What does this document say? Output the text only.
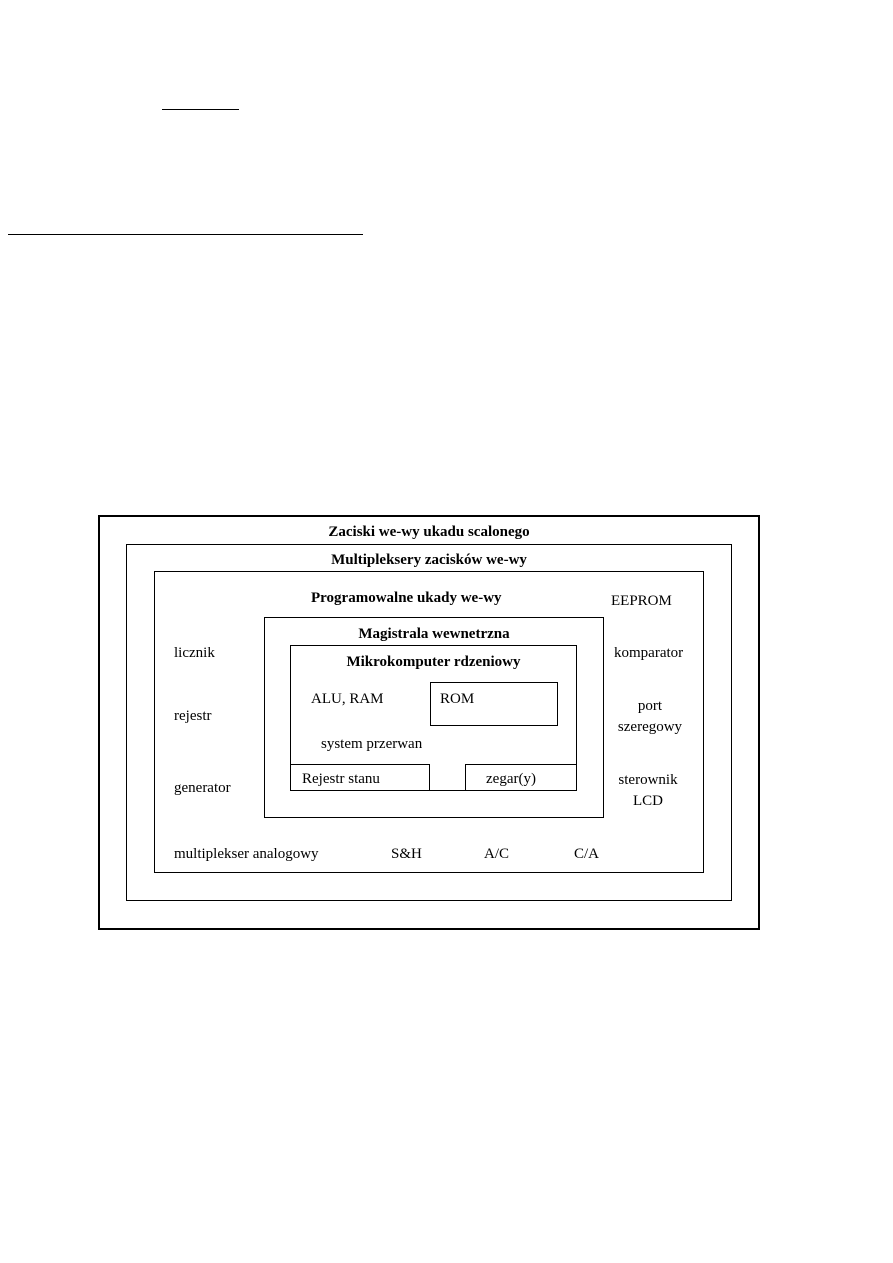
Zaciski we-wy ukadu scalonego
Multipleksery zacisków we-wy
Programowalne ukady we-wy	EEPROM
Magistrala wewnetrzna
Mikrokomputer rdzeniowy
ALU, RAM	ROM
system przerwan
Rejestr stanu	zegar(y)
licznik
rejestr
generator
komparator
port
szeregowy
sterownik
LCD
multiplekser analogowy	S&H	A/C	C/A
